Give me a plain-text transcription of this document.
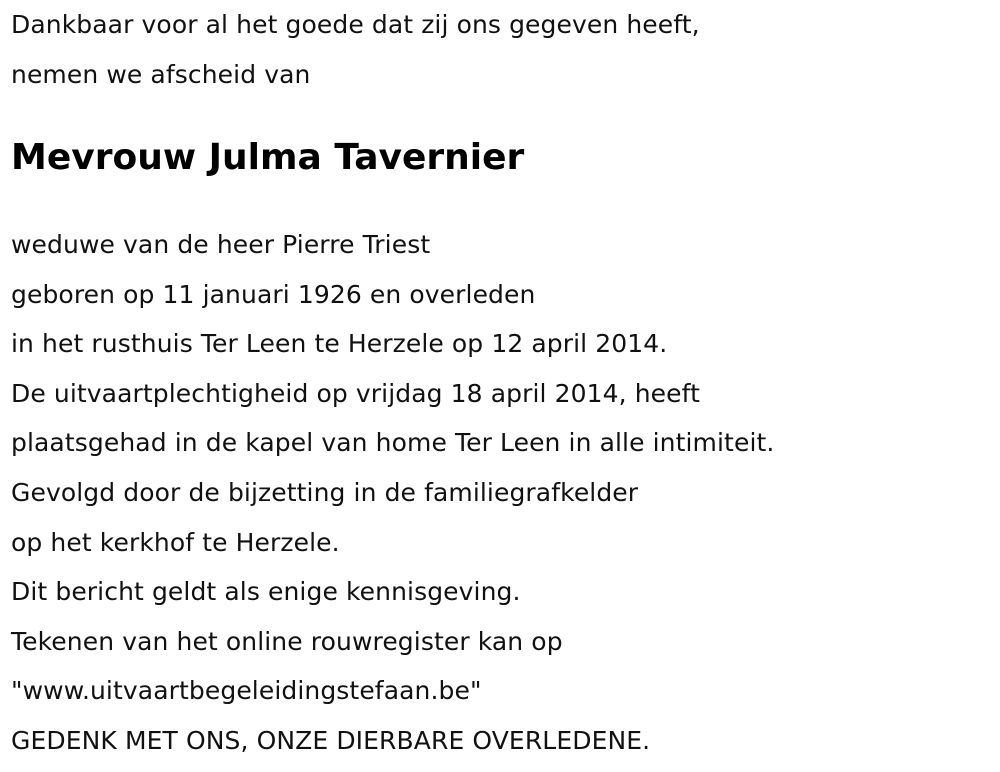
Dankbaar voor al het goede dat zij ons gegeven heeft,
nemen we afscheid van
Mevrouw Julma Tavernier
weduwe van de heer Pierre Triest
geboren op 11 januari 1926 en overleden
in het rusthuis Ter Leen te Herzele op 12 april 2014.
De uitvaartplechtigheid op vrijdag 18 april 2014, heeft
plaatsgehad in de kapel van home Ter Leen in alle intimiteit.
Gevolgd door de bijzetting in de familiegrafkelder
op het kerkhof te Herzele.
Dit bericht geldt als enige kennisgeving.
Tekenen van het online rouwregister kan op
"www.uitvaartbegeleidingstefaan.be"
GEDENK MET ONS, ONZE DIERBARE OVERLEDENE.
